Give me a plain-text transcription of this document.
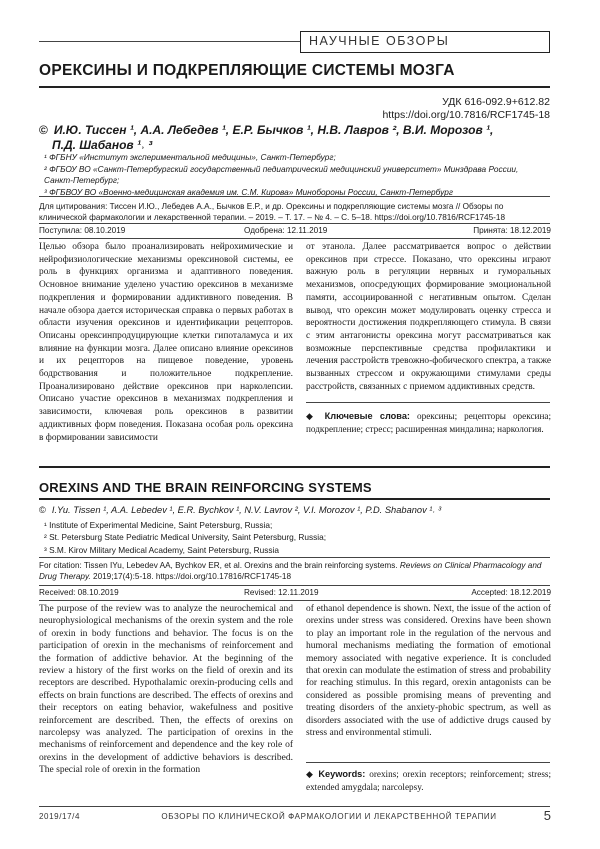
НАУЧНЫЕ ОБЗОРЫ
ОРЕКСИНЫ И ПОДКРЕПЛЯЮЩИЕ СИСТЕМЫ МОЗГА
УДК 616-092.9+612.82
https://doi.org/10.7816/RCF1745-18
© И.Ю. Тиссен ¹, А.А. Лебедев ¹, Е.Р. Бычков ¹, Н.В. Лавров ², В.И. Морозов ¹,
П.Д. Шабанов ¹˒ ³
¹ ФГБНУ «Институт экспериментальной медицины», Санкт-Петербург;
² ФГБОУ ВО «Санкт-Петербургский государственный педиатрический медицинский университет» Минздрава России, Санкт-Петербург;
³ ФГБВОУ ВО «Военно-медицинская академия им. С.М. Кирова» Минобороны России, Санкт-Петербург
Для цитирования: Тиссен И.Ю., Лебедев А.А., Бычков Е.Р., и др. Орексины и подкрепляющие системы мозга // Обзоры по клинической фармакологии и лекарственной терапии. – 2019. – Т. 17. – № 4. – С. 5–18. https://doi.org/10.7816/RCF1745-18
Поступила: 08.10.2019	Одобрена: 12.11.2019	Принята: 18.12.2019
Целью обзора было проанализировать нейрохимические и нейрофизиологические механизмы орексиновой системы, ее роль в функциях организма и адаптивного поведения. Основное внимание уделено участию орексинов в механизме подкрепления и формировании аддиктивного поведения. В начале обзора дается историческая справка о первых работах в области изучения орексинов и идентификации рецепторов. Описаны орексинпродуцирующие клетки гипоталамуса и их влияние на функции мозга. Далее описано влияние орексинов и их рецепторов на пищевое поведение, уровень бодрствования и положительное подкрепление. Проанализировано действие орексинов при нарколепсии. Описано участие орексинов в механизмах подкрепления и зависимости, ключевая роль орексинов в развитии аддиктивных форм поведения. Показана особая роль орексина в формировании зависимости
от этанола. Далее рассматривается вопрос о действии орексинов при стрессе. Показано, что орексины играют важную роль в регуляции нервных и гуморальных механизмов, опосредующих формирование эмоциональной памяти, ассоциированной с негативным опытом. Сделан вывод, что орексин может модулировать оценку стресса и вероятности достижения подкрепляющего стимула. В связи с этим антагонисты орексина могут рассматриваться как возможные перспективные средства профилактики и лечения расстройств тревожно-фобического спектра, а также вызванных стрессом и окружающими стимулами среды расстройств, связанных с приемом аддиктивных средств.
◆ Ключевые слова: орексины; рецепторы орексина; подкрепление; стресс; расширенная миндалина; наркология.
OREXINS AND THE BRAIN REINFORCING SYSTEMS
© I.Yu. Tissen ¹, A.A. Lebedev ¹, E.R. Bychkov ¹, N.V. Lavrov ², V.I. Morozov ¹, P.D. Shabanov ¹˒ ³
¹ Institute of Experimental Medicine, Saint Petersburg, Russia;
² St. Petersburg State Pediatric Medical University, Saint Petersburg, Russia;
³ S.M. Kirov Military Medical Academy, Saint Petersburg, Russia
For citation: Tissen IYu, Lebedev AA, Bychkov ER, et al. Orexins and the brain reinforcing systems. Reviews on Clinical Pharmacology and Drug Therapy. 2019;17(4):5-18. https://doi.org/10.17816/RCF1745-18
Received: 08.10.2019	Revised: 12.11.2019	Accepted: 18.12.2019
The purpose of the review was to analyze the neurochemical and neurophysiological mechanisms of the orexin system and the role of orexin in body functions and behavior. The focus is on the participation of orexin in the mechanisms of reinforcement and the formation of addictive behavior. At the beginning of the review a history of the first works on the field of orexin and its receptors are described. Hypothalamic orexin-producing cells and effects on brain functions are described. The effects of orexins and their receptors on eating behavior, wakefulness and positive reinforcement are described. Then, the effects of orexins on narcolepsy was analyzed. The participation of orexins in the mechanisms of reinforcement and dependence and the key role of orexins in the development of addictive behaviors is described. The special role of orexin in the formation
of ethanol dependence is shown. Next, the issue of the action of orexins under stress was considered. Orexins have been shown to play an important role in the regulation of the nervous and humoral mechanisms mediating the formation of emotional memory associated with negative experience. It is concluded that orexin can modulate the estimation of stress and probability for reaching stimulus. In this regard, orexin antagonists can be considered as possible promising means of preventing and treating disorders of the anxiety-phobic spectrum, as well as disorders associated with the use of addictive drugs caused by stress and environmental stimuli.
◆ Keywords: orexins; orexin receptors; reinforcement; stress; extended amygdala; narcolepsy.
2019/17/4	ОБЗОРЫ ПО КЛИНИЧЕСКОЙ ФАРМАКОЛОГИИ И ЛЕКАРСТВЕННОЙ ТЕРАПИИ	5
